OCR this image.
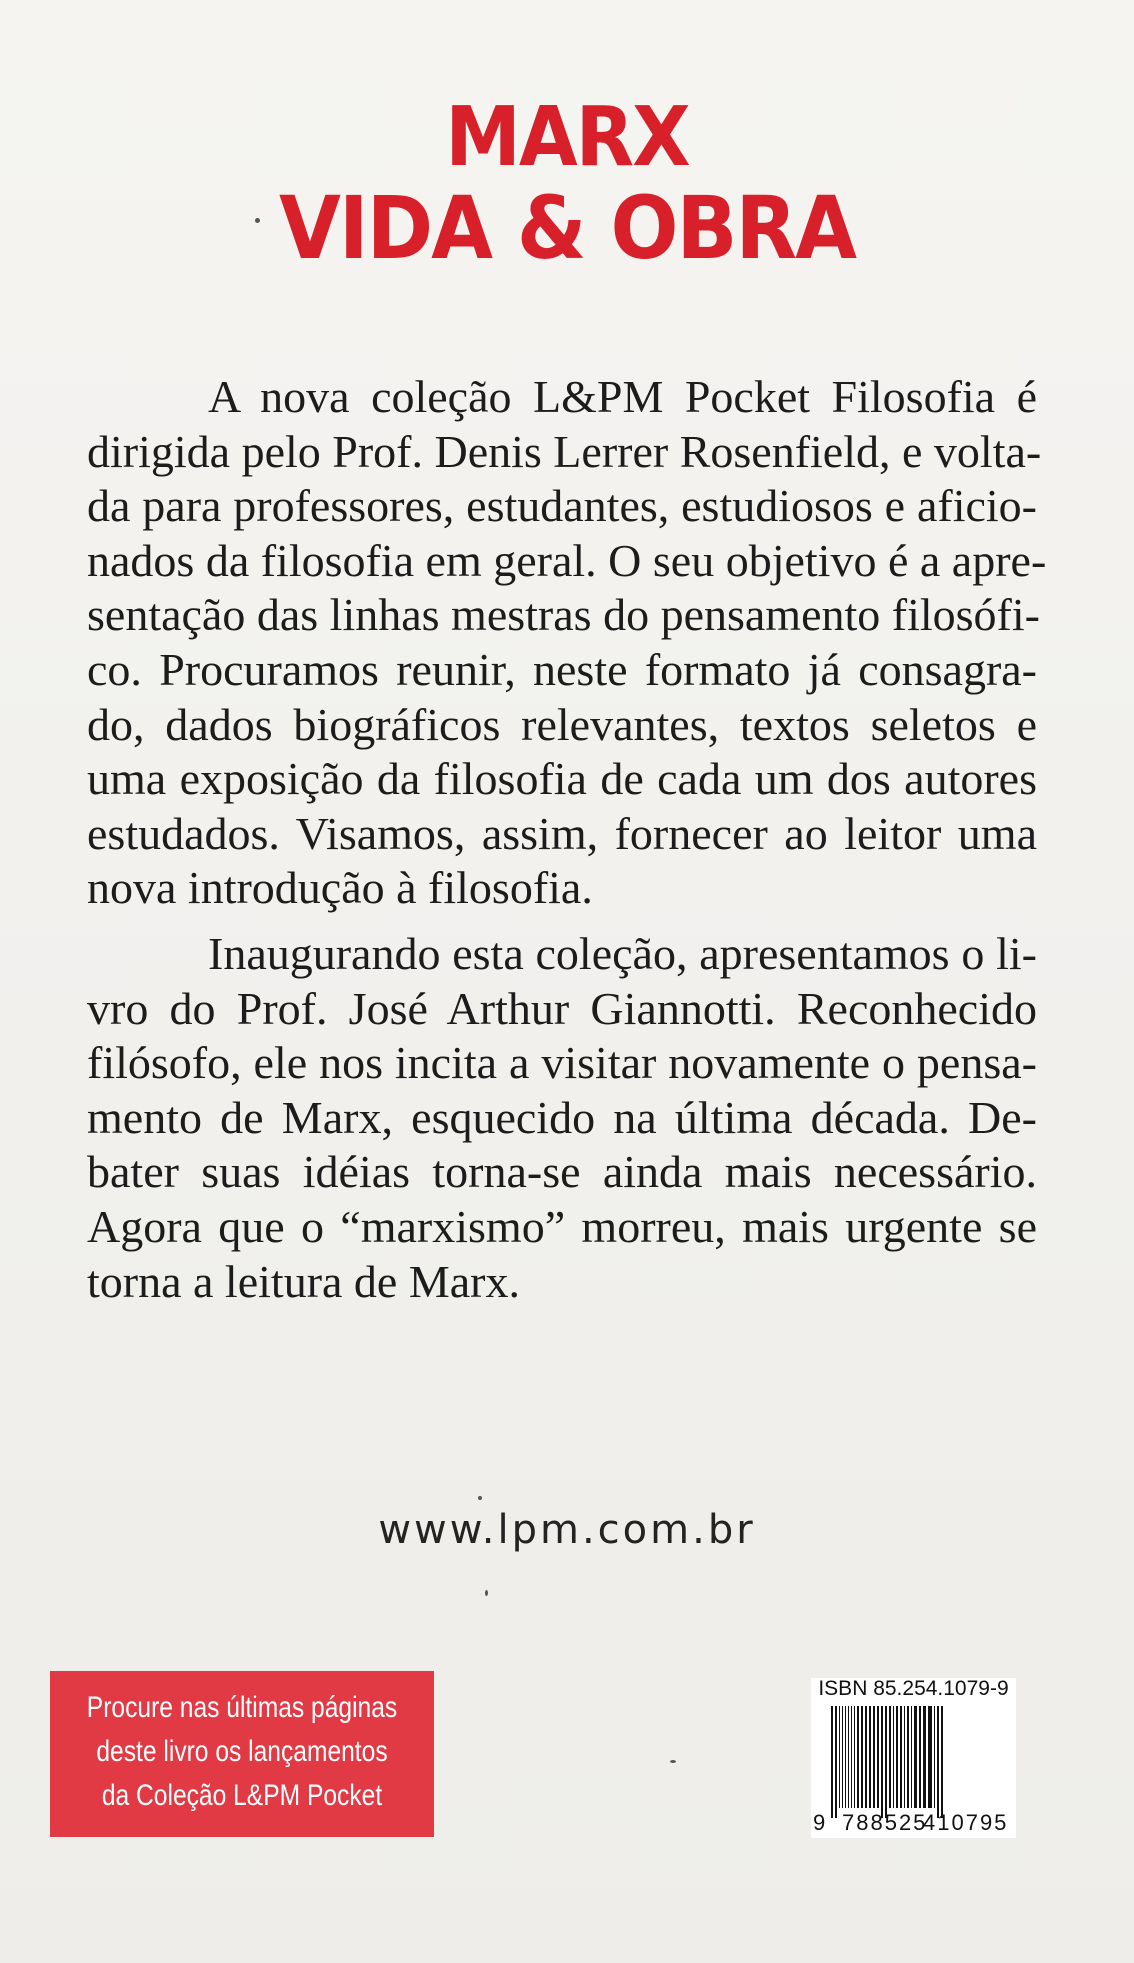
MARX
VIDA & OBRA
A nova coleção L&PM Pocket Filosofia é
dirigida pelo Prof. Denis Lerrer Rosenfield, e volta-
da para professores, estudantes, estudiosos e aficio-
nados da filosofia em geral. O seu objetivo é a apre-
sentação das linhas mestras do pensamento filosófi-
co. Procuramos reunir, neste formato já consagra-
do, dados biográficos relevantes, textos seletos e
uma exposição da filosofia de cada um dos autores
estudados. Visamos, assim, fornecer ao leitor uma
nova introdução à filosofia.
Inaugurando esta coleção, apresentamos o li-
vro do Prof. José Arthur Giannotti. Reconhecido
filósofo, ele nos incita a visitar novamente o pensa-
mento de Marx, esquecido na última década. De-
bater suas idéias torna-se ainda mais necessário.
Agora que o “marxismo” morreu, mais urgente se
torna a leitura de Marx.
www.lpm.com.br
Procure nas últimas páginas
deste livro os lançamentos
da Coleção L&PM Pocket
ISBN 85.254.1079-9
9 788525
410795
